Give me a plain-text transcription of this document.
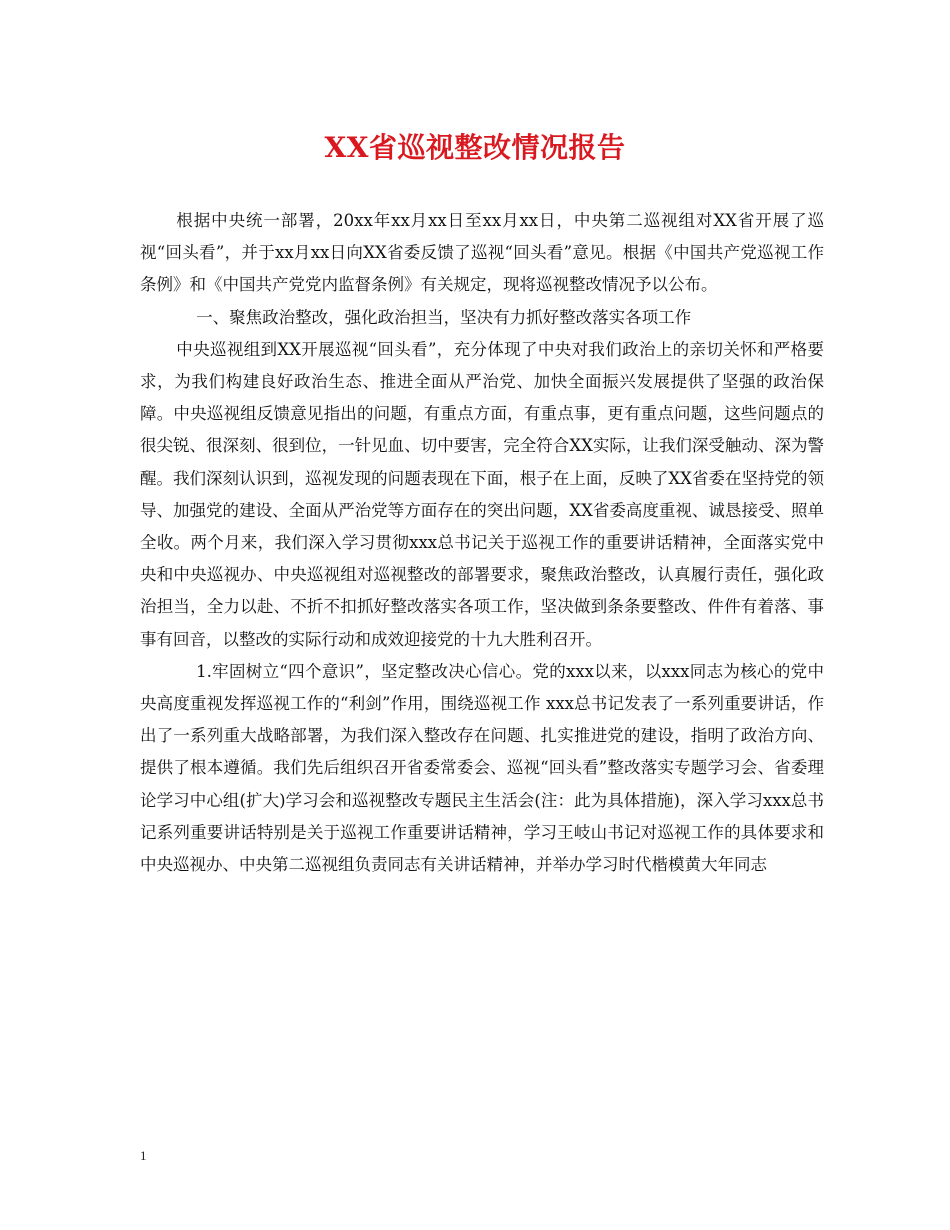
XX省巡视整改情况报告

根据中央统一部署，20xx年xx月xx日至xx月xx日，中央第二巡视组对XX省开展了巡视“回头看”，并于xx月xx日向XX省委反馈了巡视“回头看”意见。根据《中国共产党巡视工作条例》和《中国共产党党内监督条例》有关规定，现将巡视整改情况予以公布。

一、聚焦政治整改，强化政治担当，坚决有力抓好整改落实各项工作

中央巡视组到XX开展巡视“回头看”，充分体现了中央对我们政治上的亲切关怀和严格要求，为我们构建良好政治生态、推进全面从严治党、加快全面振兴发展提供了坚强的政治保障。中央巡视组反馈意见指出的问题，有重点方面，有重点事，更有重点问题，这些问题点的很尖锐、很深刻、很到位，一针见血、切中要害，完全符合XX实际，让我们深受触动、深为警醒。我们深刻认识到，巡视发现的问题表现在下面，根子在上面，反映了XX省委在坚持党的领导、加强党的建设、全面从严治党等方面存在的突出问题，XX省委高度重视、诚恳接受、照单全收。两个月来，我们深入学习贯彻xxx总书记关于巡视工作的重要讲话精神，全面落实党中央和中央巡视办、中央巡视组对巡视整改的部署要求，聚焦政治整改，认真履行责任，强化政治担当，全力以赴、不折不扣抓好整改落实各项工作，坚决做到条条要整改、件件有着落、事事有回音，以整改的实际行动和成效迎接党的十九大胜利召开。

1.牢固树立“四个意识”，坚定整改决心信心。党的xxx以来，以xxx同志为核心的党中央高度重视发挥巡视工作的“利剑”作用，围绕巡视工作 xxx总书记发表了一系列重要讲话，作出了一系列重大战略部署，为我们深入整改存在问题、扎实推进党的建设，指明了政治方向、提供了根本遵循。我们先后组织召开省委常委会、巡视“回头看”整改落实专题学习会、省委理论学习中心组(扩大)学习会和巡视整改专题民主生活会(注：此为具体措施)，深入学习xxx总书记系列重要讲话特别是关于巡视工作重要讲话精神，学习王岐山书记对巡视工作的具体要求和中央巡视办、中央第二巡视组负责同志有关讲话精神，并举办学习时代楷模黄大年同志

1
